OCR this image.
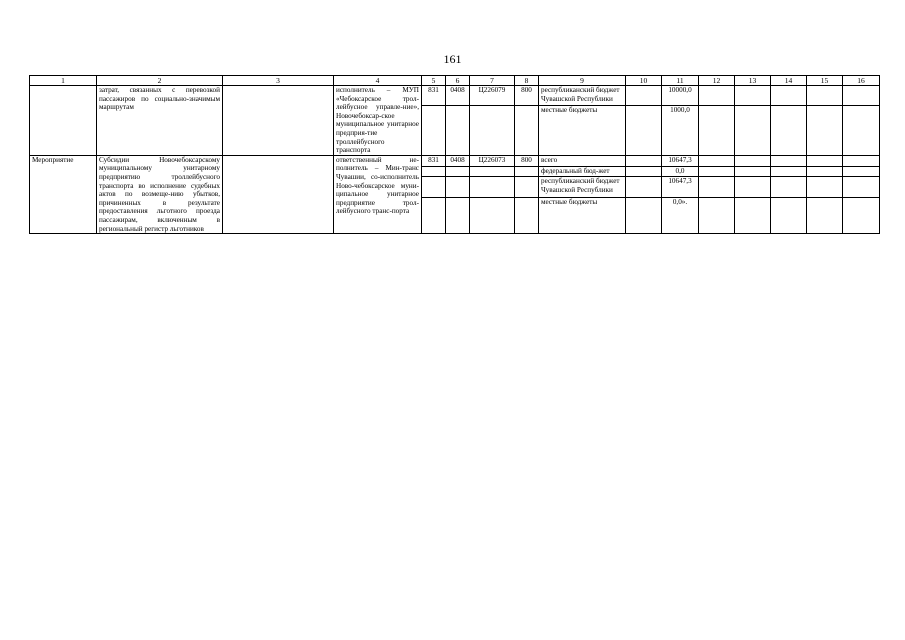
161
1	2	3	4	5	6	7	8	9	10	11	12	13	14	15	16
	затрат, связанных с перевозкой пассажиров по социально-значимым маршрутам		исполнитель – МУП «Чебоксарское трол-лейбусное управле-ние», Новочебоксар-ское муниципальное унитарное предприя-тие троллейбусного транспорта	831	0408	Ц226079	800	республиканский бюджет Чувашской Республики		10000,0					
								местные бюджеты		1000,0					
Мероприятие	Субсидии Новочебоксарскому муниципальному унитарному предприятию троллейбусного транспорта во исполнение судебных актов по возмеще-нию убытков, причиненных в результате предоставления льготного проезда пассажирам, включенным в региональный регистр льготников		ответственный не-полнитель – Мин-транс Чувашии, со-исполнитель Ново-чебоксарское муни-ципальное унитарное предприятие трол-лейбусного транс-порта	831	0408	Ц226073	800	всего		10647,3					
								федеральный бюд-жет		0,0					
								республиканский бюджет Чувашской Республики		10647,3					
								местные бюджеты		0,0».					
